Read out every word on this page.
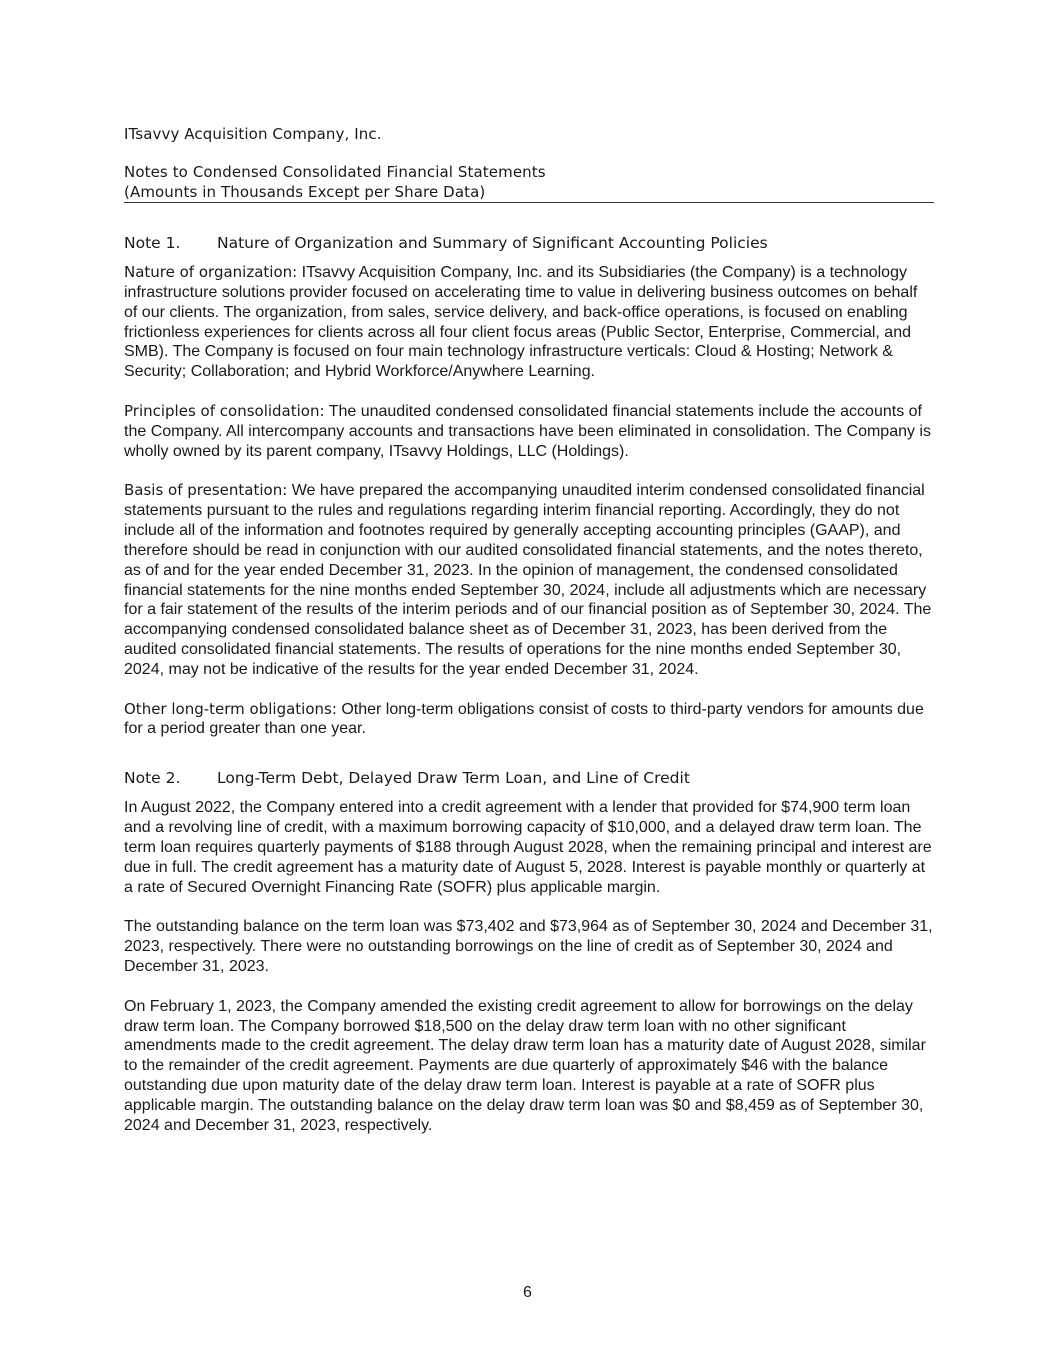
ITsavvy Acquisition Company, Inc.
Notes to Condensed Consolidated Financial Statements
(Amounts in Thousands Except per Share Data)
Note 1. Nature of Organization and Summary of Significant Accounting Policies

Nature of organization: ITsavvy Acquisition Company, Inc. and its Subsidiaries (the Company) is a technology infrastructure solutions provider focused on accelerating time to value in delivering business outcomes on behalf of our clients. The organization, from sales, service delivery, and back-office operations, is focused on enabling frictionless experiences for clients across all four client focus areas (Public Sector, Enterprise, Commercial, and SMB). The Company is focused on four main technology infrastructure verticals: Cloud & Hosting; Network & Security; Collaboration; and Hybrid Workforce/Anywhere Learning.

Principles of consolidation: The unaudited condensed consolidated financial statements include the accounts of the Company. All intercompany accounts and transactions have been eliminated in consolidation. The Company is wholly owned by its parent company, ITsavvy Holdings, LLC (Holdings).

Basis of presentation: We have prepared the accompanying unaudited interim condensed consolidated financial statements pursuant to the rules and regulations regarding interim financial reporting. Accordingly, they do not include all of the information and footnotes required by generally accepting accounting principles (GAAP), and therefore should be read in conjunction with our audited consolidated financial statements, and the notes thereto, as of and for the year ended December 31, 2023. In the opinion of management, the condensed consolidated financial statements for the nine months ended September 30, 2024, include all adjustments which are necessary for a fair statement of the results of the interim periods and of our financial position as of September 30, 2024. The accompanying condensed consolidated balance sheet as of December 31, 2023, has been derived from the audited consolidated financial statements. The results of operations for the nine months ended September 30, 2024, may not be indicative of the results for the year ended December 31, 2024.

Other long-term obligations: Other long-term obligations consist of costs to third-party vendors for amounts due for a period greater than one year.

Note 2. Long-Term Debt, Delayed Draw Term Loan, and Line of Credit

In August 2022, the Company entered into a credit agreement with a lender that provided for $74,900 term loan and a revolving line of credit, with a maximum borrowing capacity of $10,000, and a delayed draw term loan. The term loan requires quarterly payments of $188 through August 2028, when the remaining principal and interest are due in full. The credit agreement has a maturity date of August 5, 2028. Interest is payable monthly or quarterly at a rate of Secured Overnight Financing Rate (SOFR) plus applicable margin.

The outstanding balance on the term loan was $73,402 and $73,964 as of September 30, 2024 and December 31, 2023, respectively. There were no outstanding borrowings on the line of credit as of September 30, 2024 and December 31, 2023.

On February 1, 2023, the Company amended the existing credit agreement to allow for borrowings on the delay draw term loan. The Company borrowed $18,500 on the delay draw term loan with no other significant amendments made to the credit agreement. The delay draw term loan has a maturity date of August 2028, similar to the remainder of the credit agreement. Payments are due quarterly of approximately $46 with the balance outstanding due upon maturity date of the delay draw term loan. Interest is payable at a rate of SOFR plus applicable margin. The outstanding balance on the delay draw term loan was $0 and $8,459 as of September 30, 2024 and December 31, 2023, respectively.

6
